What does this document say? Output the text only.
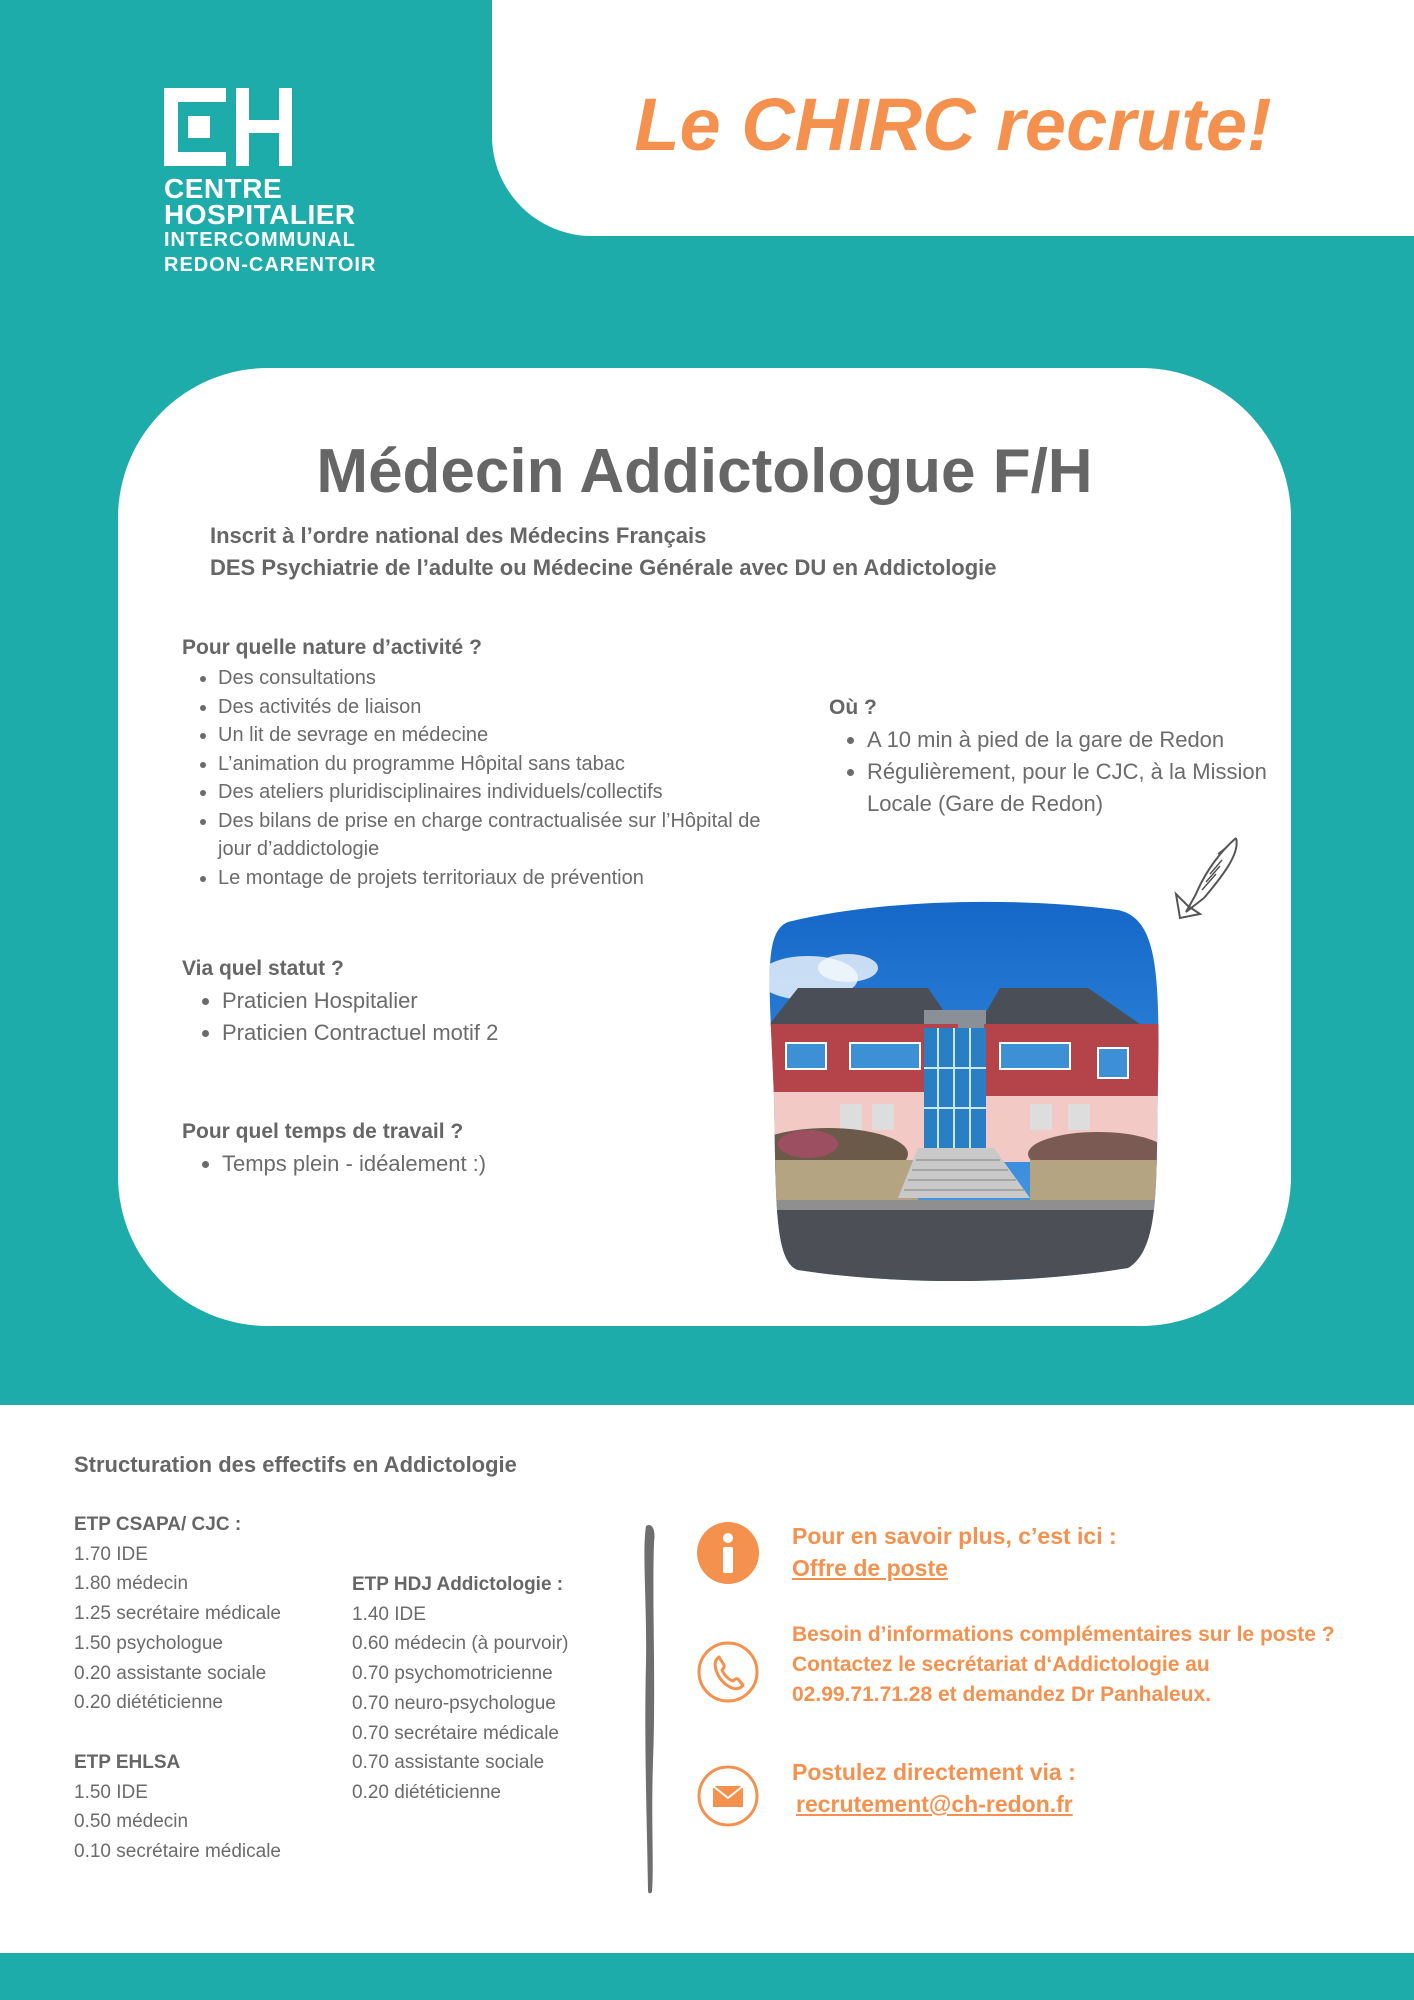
CENTRE
HOSPITALIER
INTERCOMMUNAL
REDON-CARENTOIR
Le CHIRC recrute!
Médecin Addictologue F/H
Inscrit à l’ordre national des Médecins Français
DES Psychiatrie de l’adulte ou Médecine Générale avec DU en Addictologie

Pour quelle nature d’activité ?

• Des consultations
• Des activités de liaison
• Un lit de sevrage en médecine
• L’animation du programme Hôpital sans tabac
• Des ateliers pluridisciplinaires individuels/collectifs
• Des bilans de prise en charge contractualisée sur l’Hôpital de jour d’addictologie
• Le montage de projets territoriaux de prévention

Via quel statut ?

• Praticien Hospitalier
• Praticien Contractuel motif 2

Pour quel temps de travail ?

• Temps plein - idéalement :)

Où ?

• A 10 min à pied de la gare de Redon
• Régulièrement, pour le CJC, à la Mission Locale (Gare de Redon)
Structuration des effectifs en Addictologie
ETP CSAPA/ CJC :
1.70 IDE
1.80 médecin
1.25 secrétaire médicale
1.50 psychologue
0.20 assistante sociale
0.20 diététicienne
ETP HDJ Addictologie :
1.40 IDE
0.60 médecin (à pourvoir)
0.70 psychomotricienne
0.70 neuro-psychologue
0.70 secrétaire médicale
0.70 assistante sociale
0.20 diététicienne
ETP EHLSA
1.50 IDE
0.50 médecin
0.10 secrétaire médicale
Pour en savoir plus, c’est ici :
Offre de poste
Besoin d’informations complémentaires sur le poste ?
Contactez le secrétariat d‘Addictologie au
02.99.71.71.28 et demandez Dr Panhaleux.
Postulez directement via :
recrutement@ch-redon.fr
